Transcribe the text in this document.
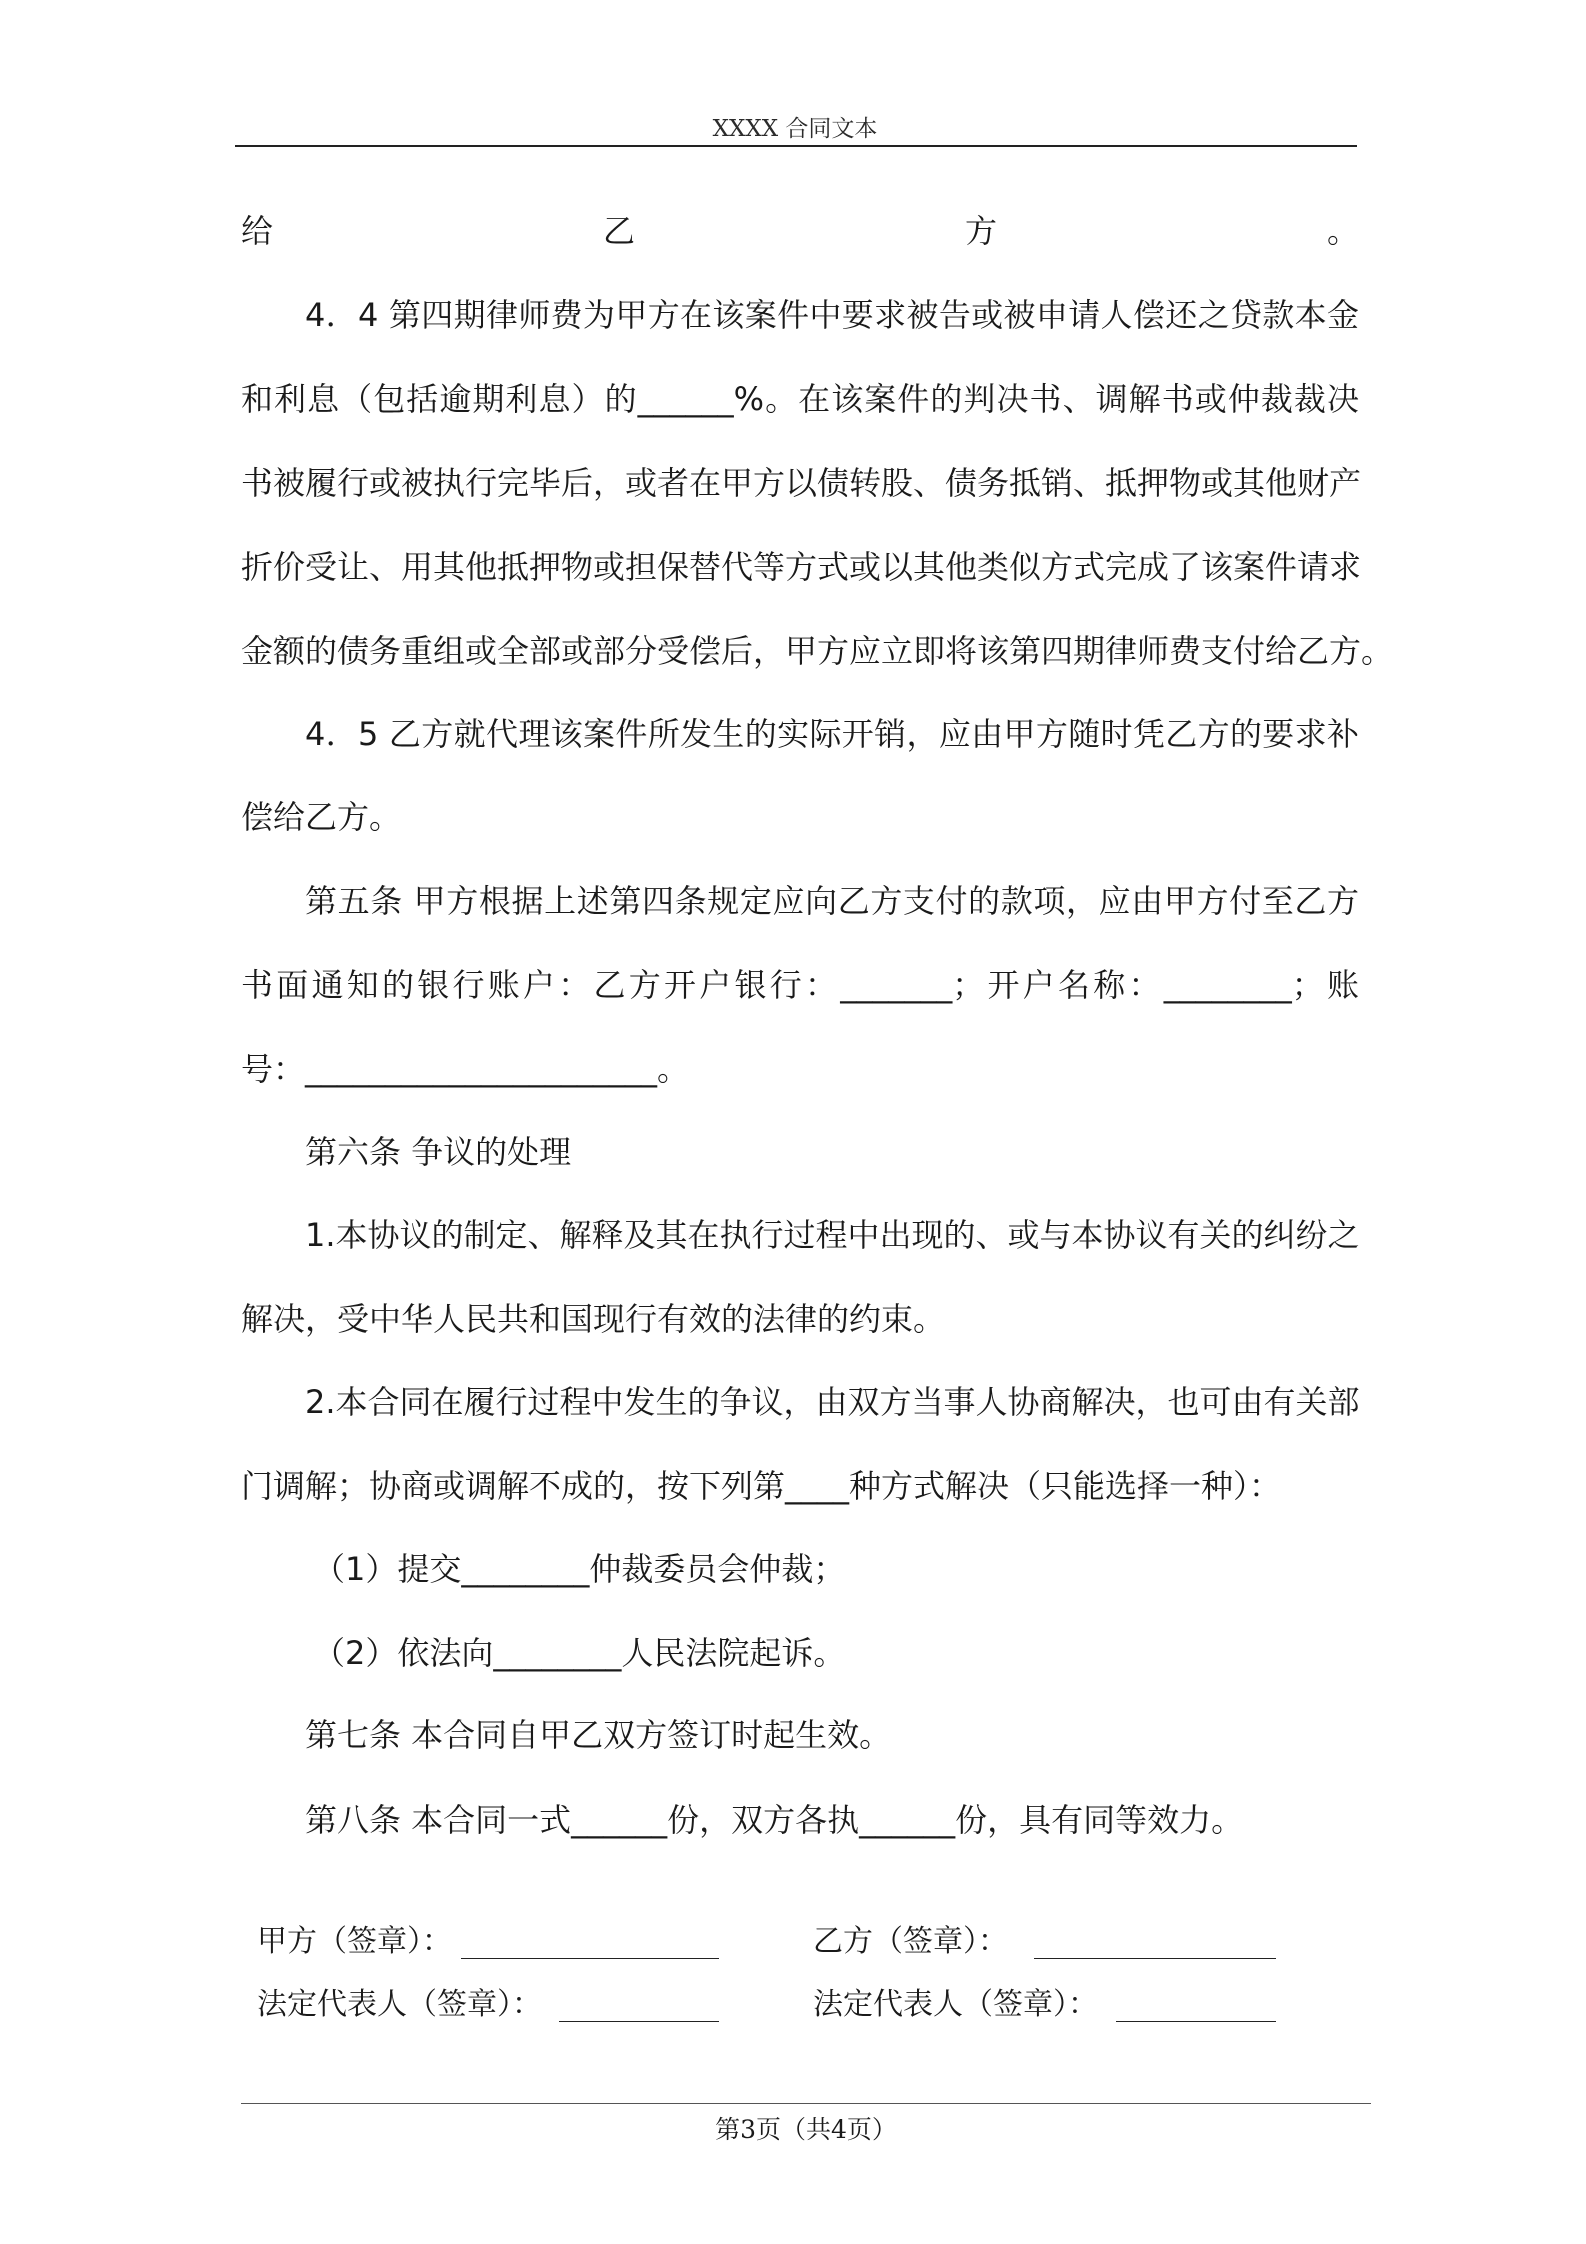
XXXX 合同文本
给乙方。
4．4 第四期律师费为甲方在该案件中要求被告或被申请人偿还之贷款本金
和利息（包括逾期利息）的______%。在该案件的判决书、调解书或仲裁裁决
书被履行或被执行完毕后，或者在甲方以债转股、债务抵销、抵押物或其他财产
折价受让、用其他抵押物或担保替代等方式或以其他类似方式完成了该案件请求
金额的债务重组或全部或部分受偿后，甲方应立即将该第四期律师费支付给乙方。
4．5 乙方就代理该案件所发生的实际开销，应由甲方随时凭乙方的要求补
偿给乙方。
第五条 甲方根据上述第四条规定应向乙方支付的款项，应由甲方付至乙方
书面通知的银行账户：乙方开户银行：_______；开户名称：________；账
号：______________________。
第六条 争议的处理
1.本协议的制定、解释及其在执行过程中出现的、或与本协议有关的纠纷之
解决，受中华人民共和国现行有效的法律的约束。
2.本合同在履行过程中发生的争议，由双方当事人协商解决，也可由有关部
门调解；协商或调解不成的，按下列第____种方式解决（只能选择一种）：
（1）提交________仲裁委员会仲裁；
（2）依法向________人民法院起诉。
第七条 本合同自甲乙双方签订时起生效。
第八条 本合同一式______份，双方各执______份，具有同等效力。
甲方（签章）：	乙方（签章）：
法定代表人（签章）：	法定代表人（签章）：
第3页（共4页）
